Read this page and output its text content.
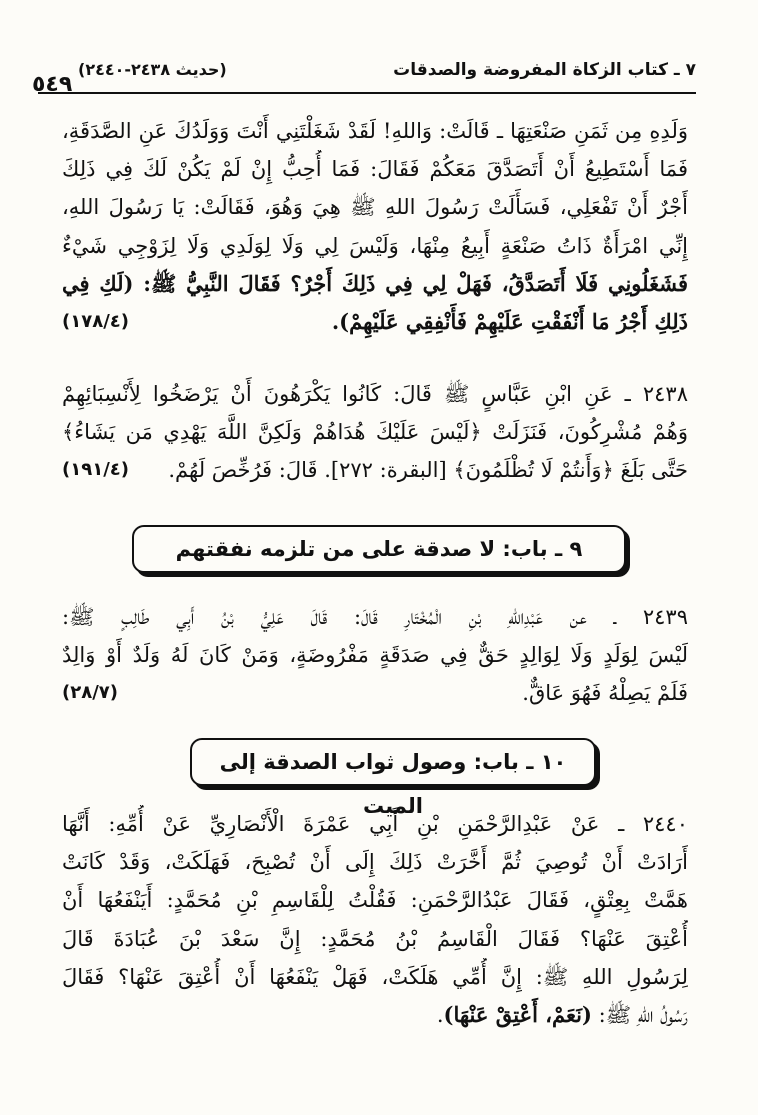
٧ ـ كتاب الزكاة المفروضة والصدقات
(حديث ٢٤٣٨-٢٤٤٠)
٥٤٩
وَلَدِهِ مِن ثَمَنِ صَنْعَتِهَا ـ قَالَتْ: وَاللهِ! لَقَدْ شَغَلْتَنِي أَنْتَ وَوَلَدُكَ عَنِ الصَّدَقَةِ،
فَمَا أَسْتَطِيعُ أَنْ أَتَصَدَّقَ مَعَكُمْ فَقَالَ: فَمَا أُحِبُّ إِنْ لَمْ يَكُنْ لَكَ فِي ذَلِكَ
أَجْرٌ أَنْ تَفْعَلِي، فَسَأَلَتْ رَسُولَ اللهِ ﷺ هِيَ وَهُوَ، فَقَالَتْ: يَا رَسُولَ اللهِ،
إِنِّي امْرَأَةٌ ذَاتُ صَنْعَةٍ أَبِيعُ مِنْهَا، وَلَيْسَ لِي وَلَا لِوَلَدِي وَلَا لِزَوْجِي شَيْءٌ
فَشَغَلُونِي فَلَا أَتَصَدَّقُ، فَهَلْ لِي فِي ذَلِكَ أَجْرٌ؟ فَقَالَ النَّبِيُّ ﷺ: (لَكِ فِي
ذَلِكِ أَجْرُ مَا أَنْفَقْتِ عَلَيْهِمْ فَأَنْفِقِي عَلَيْهِمْ).
(١٧٨/٤)
٢٤٣٨ ـ عَنِ ابْنِ عَبَّاسٍ ﷺ قَالَ: كَانُوا يَكْرَهُونَ أَنْ يَرْضَخُوا لِأَنْسِبَائِهِمْ
وَهُمْ مُشْرِكُونَ، فَنَزَلَتْ ﴿لَيْسَ عَلَيْكَ هُدَاهُمْ وَلَكِنَّ اللَّهَ يَهْدِي مَن يَشَاءُ﴾
حَتَّى بَلَغَ ﴿وَأَنتُمْ لَا تُظْلَمُونَ﴾ [البقرة: ٢٧٢]. قَالَ: فَرُخِّصَ لَهُمْ.
(١٩١/٤)
٩ ـ باب: لا صدقة على من تلزمه نفقتهم
٢٤٣٩ ـ عن عَبْدِاللهِ بْنِ الْمُخْتَارِ قَالَ: قَالَ عَلِيُّ بْنُ أَبِي طَالِبٍ ﷺ:
لَيْسَ لِوَلَدٍ وَلَا لِوَالِدٍ حَقٌّ فِي صَدَقَةٍ مَفْرُوضَةٍ، وَمَنْ كَانَ لَهُ وَلَدٌ أَوْ وَالِدٌ
فَلَمْ يَصِلْهُ فَهُوَ عَاقٌّ.
(٢٨/٧)
١٠ ـ باب: وصول ثواب الصدقة إلى الميت
٢٤٤٠ ـ عَنْ عَبْدِالرَّحْمَنِ بْنِ أَبِي عَمْرَةَ الْأَنْصَارِيِّ عَنْ أُمِّهِ: أَنَّهَا
أَرَادَتْ أَنْ تُوصِيَ ثُمَّ أَخَّرَتْ ذَلِكَ إِلَى أَنْ تُصْبِحَ، فَهَلَكَتْ، وَقَدْ كَانَتْ
هَمَّتْ بِعِتْقٍ، فَقَالَ عَبْدُالرَّحْمَنِ: فَقُلْتُ لِلْقَاسِمِ بْنِ مُحَمَّدٍ: أَيَنْفَعُهَا أَنْ
أُعْتِقَ عَنْهَا؟ فَقَالَ الْقَاسِمُ بْنُ مُحَمَّدٍ: إِنَّ سَعْدَ بْنَ عُبَادَةَ قَالَ
لِرَسُولِ اللهِ ﷺ: إِنَّ أُمِّي هَلَكَتْ، فَهَلْ يَنْفَعُهَا أَنْ أُعْتِقَ عَنْهَا؟ فَقَالَ
رَسُولُ اللهِ ﷺ: (نَعَمْ، أَعْتِقْ عَنْهَا).
